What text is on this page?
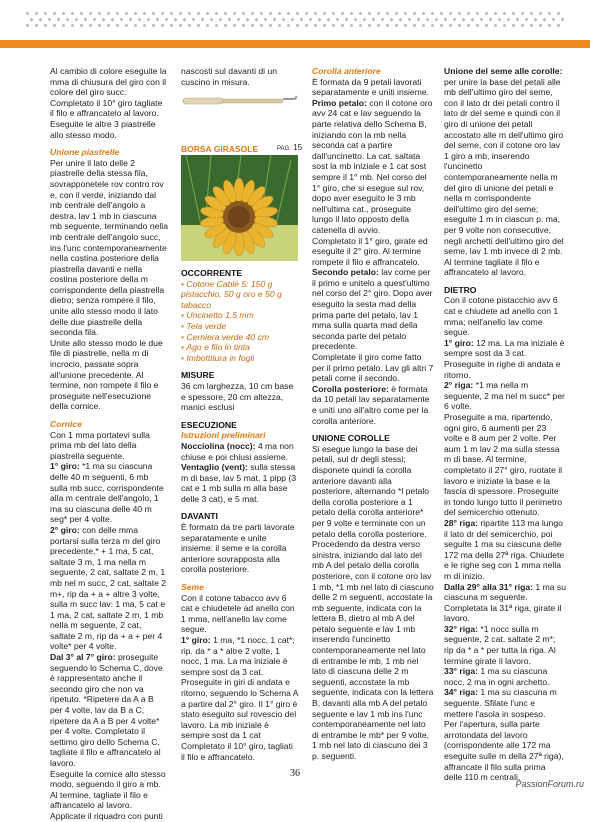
Al cambio di colore eseguite la mma di chiusura del giro con il colore del giro succ. Completato il 10° giro tagliate il filo e affrancatelo al lavoro.

Eseguite le altre 3 piastrelle allo stesso modo.

Unione piastrelle

Per unire il lato delle 2 piastrelle della stessa fila, sovrapponetele rov contro rov e, con il verde, iniziando dal mb centrale dell'angolo a destra, lav 1 mb in ciascuna mb seguente, terminando nella mb centrale dell'angolo succ, ins l'unc contemporaneamente nella costina posteriore della piastrella davanti e nella costina posteriore della m corrispondente della piastrella dietro; senza rompere il filo, unite allo stesso modo il lato delle due piastrelle della seconda fila.

Unite allo stesso modo le due file di piastrelle, nella m di incrocio, passate sopra all'unione precedente. Al termine, non rompete il filo e proseguite nell'esecuzione della cornice.

Cornice

Con 1 mma portatevi sulla prima mb del lato della piastrella seguente.

1° giro: *1 ma su ciascuna delle 40 m seguenti, 6 mb sulla mb succ, corrispondente alla m centrale dell'angolo, 1 ma su ciascuna delle 40 m seg* per 4 volte.

2° giro: con delle mma portarsi sulla terza m del giro precedente,* + 1 ma, 5 cat, saltate 3 m, 1 ma nella m seguente, 2 cat, saltate 2 m, 1 mb nel m succ, 2 cat, saltate 2 m+, rip da + a + altre 3 volte, sulla m succ lav: 1 ma, 5 cat e 1 ma, 2 cat, saltate 2 m, 1 mb nella m seguente, 2 cat, saltate 2 m, rip da + a + per 4 volte* per 4 volte.

Dal 3° al 7° giro: proseguite seguendo lo Schema C, dove è rappresentato anche il secondo giro che non va ripetuto. *Ripetere da A a B per 4 volte, lav da B a C, ripetere da A a B per 4 volte* per 4 volte. Completato il settimo giro dello Schema C, tagliate il filo e affrancatelo al lavoro.

Eseguite la cornice allo stesso modo, seguendo il giro a mb. Al termine, tagliate il filo e affrancatelo al lavoro.

Applicate il riquadro con punti

nascosti sul davanti di un cuscino in misura.

BORSA GIRASOLE	PAG. 15

OCCORRENTE

• Cotone Cablè 5: 150 g pistacchio, 50 g oro e 50 g tabacco
• Uncinetto 1,5 mm
• Tela verde
• Cerniera verde 40 cm
• Ago e filo in tinta
• Imbottitura in fogli

MISURE

36 cm larghezza, 10 cm base e spessore, 20 cm altezza, manici esclusi

ESECUZIONE

Istruzioni preliminari

Nocciolina (nocc): 4 ma non chiuse e poi chiusi assieme.

Ventaglio (vent): sulla stessa m di base, lav 5 mat, 1 pipp (3 cat e 1 mb sulla m alla base delle 3 cat), e 5 mat.

DAVANTI

È formato da tre parti lavorate separatamente e unite insieme: il seme e la corolla anteriore sovrapposta alla corolla posteriore.

Seme

Con il cotone tabacco avv 6 cat e chiudetele ad anello con 1 mma, nell'anello lav come segue.

1° giro: 1 ma, *1 nocc, 1 cat*; rip. da * a * altre 2 volte, 1 nocc, 1 ma. La ma iniziale è sempre sost da 3 cat.

Proseguite in giri di andata e ritorno, seguendo lo Schema A a partire dal 2° giro. Il 1° giro è stato eseguito sul rovescio del lavoro. La mb iniziale è sempre sost da 1 cat Completato il 10° giro, tagliati il filo e affrancatelo.

Corolla anteriore

È formata da 9 petali lavorati separatamente e uniti insieme.

Primo petalo: con il cotone oro avv 24 cat e lav seguendo la parte relativa dello Schema B, iniziando con la mb nella seconda cat a partire dall'uncinetto. La cat. saltata sost la mb iniziale e 1 cat sost sempre il 1° mb. Nel corso del 1° giro, che si esegue sul rov, dopo aver eseguito le 3 mb nell'ultima cat., proseguite lungo il lato opposto della catenella di avvio.

Completato il 1° giro, girate ed eseguite il 2° giro. Al termine rompete il filo e affrancatelo.

Secondo petalo: lav come per il primo e unitelo a quest'ultimo nel corso del 2° giro. Dopo aver eseguito la sesta mad della prima parte del petalo, lav 1 mma sulla quarta mad della seconda parte del petalo precedente.

Completate il giro come fatto per il primo petalo. Lav gli altri 7 petali come il secondo.

Corolla posteriore: è formata da 10 petali lav separatamente e uniti uno all'altro come per la corolla anteriore.

UNIONE COROLLE

Si esegue lungo la base dei petali, sul dr degli stessi; disponete quindi la corolla anteriore davanti alla posteriore, alternando *l petalo della corolla posteriore a 1 petalo della corolla anteriore* per 9 volte e terminate con un petalo della corolla posteriore.

Procedendo da destra verso sinistra, iniziando dal lato del mb A del petalo della corolla posteriore, con il cotone oro lav 1 mb, *1 mb nel lato di ciascuno delle 2 m seguenti, accostate la mb seguente, indicata con la lettera B, dietro al mb A del petalo seguente e lav 1 mb inserendo l'uncinetto contemporaneamente nel lato di entrambe le mb, 1 mb nel lato di ciascuna delle 2 m seguenti, accostate la mb seguente, indicata con la lettera B, davanti alla mb A del petalo seguente e lav 1 mb ins l'unc contemporaneamente nel lato di entrambe le mb* per 9 volte, 1 mb nel lato di ciascuno dei 3 p. seguenti.

Unione del seme alle corolle: per unire la base del petali alle mb dell'ultimo giro del seme, con il lato dr dei petali contro il lato dr del seme e quindi con il giro di unione dei petali accostato alle m dell'ultimo giro del seme, con il cotone oro lav 1 giro a mb, inserendo l'uncinetto contemporaneamente nella m del giro di unione dei petali e nella m corrispondente dell'ultimo giro del seme; eseguite 1 m in ciascun p. ma, per 9 volte non consecutive, negli archetti dell'ultimo giro del seme, lav 1 mb invece di 2 mb. Al termine tagliate il filo e affrancatelo al lavoro.

DIETRO

Con il cotone pistacchio avv 6 cat e chiudete ad anello con 1 mma; nell'anello lav come segue.

1° giro: 12 ma. La ma iniziale è sempre sost da 3 cat.

Proseguite in righe di andata e ritorno.

2° riga: *1 ma nella m seguente, 2 ma nel m succ* per 6 volte.

Proseguite a ma, ripartendo, ogni giro, 6 aumenti per 23 volte e 8 aum per 2 volte. Per aum 1 m lav 2 ma sulla stessa m di base. Al termine, completato il 27° giro, ruotate il lavoro e iniziate la base e la fascia di spessore. Proseguite in tondo lungo tutto il perimetro del semicerchio ottenuto.

28° riga: ripartite 113 ma lungo il lato dr del semicerchio, poi seguite 1 ma su ciascuna delle 172 ma della 27ª riga. Chiudete e le righe seg con 1 mma nella m di inizio.

Dalla 29° alla 31° riga: 1 ma su ciascuna m seguente. Completata la 31ª riga, girate il lavoro.

32° riga: *1 nocc sulla m seguente, 2 cat, saltate 2 m*; rip da * a * per tutta la riga. Al termine girate il lavoro.

33° riga: 1 ma su ciascuna nocc, 2 ma in ogni archetto.

34° riga: 1 ma su ciascuna m seguente. Sfilate l'unc e mettere l'asola in sospeso.

Per l'apertura, sulla parte arrotondata del lavoro (corrispondente alle 172 ma eseguite sulle m della 27ª riga), affrancate il filo sulla prima delle 110 m centrali,

36
PassionForum.ru
